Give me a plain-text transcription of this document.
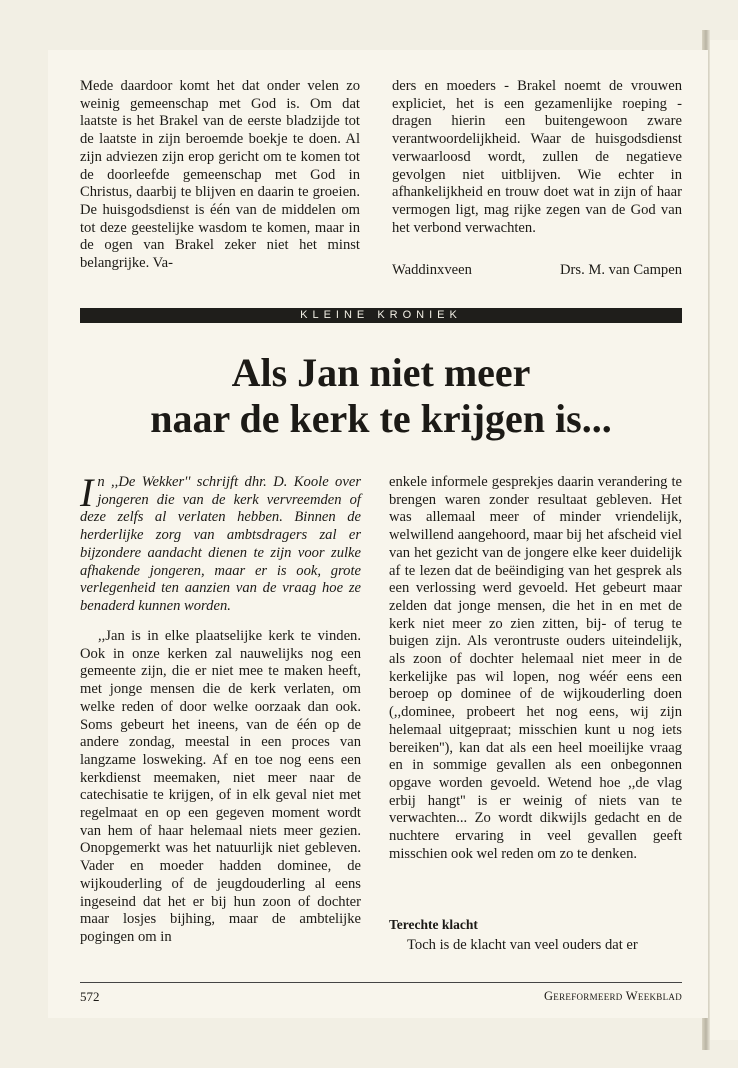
Mede daardoor komt het dat onder velen zo weinig gemeenschap met God is. Om dat laatste is het Brakel van de eerste bladzijde tot de laatste in zijn beroemde boekje te doen. Al zijn adviezen zijn erop gericht om te komen tot de doorleefde gemeenschap met God in Christus, daarbij te blijven en daarin te groeien. De huisgodsdienst is één van de middelen om tot deze geestelijke wasdom te komen, maar in de ogen van Brakel zeker niet het minst belangrijke. Va-

ders en moeders - Brakel noemt de vrouwen expliciet, het is een gezamenlijke roeping - dragen hierin een buitengewoon zware verantwoordelijkheid. Waar de huisgodsdienst verwaarloosd wordt, zullen de negatieve gevolgen niet uitblijven. Wie echter in afhankelijkheid en trouw doet wat in zijn of haar vermogen ligt, mag rijke zegen van de God van het verbond verwachten.

Waddinxveen	Drs. M. van Campen
KLEINE KRONIEK
Als Jan niet meer
naar de kerk te krijgen is...
I n ,,De Wekker'' schrijft dhr. D. Koole over jongeren die van de kerk vervreemden of deze zelfs al verlaten hebben. Binnen de herderlijke zorg van ambtsdragers zal er bijzondere aandacht dienen te zijn voor zulke afhakende jongeren, maar er is ook, grote verlegenheid ten aanzien van de vraag hoe ze benaderd kunnen worden.

,,Jan is in elke plaatselijke kerk te vinden. Ook in onze kerken zal nauwelijks nog een gemeente zijn, die er niet mee te maken heeft, met jonge mensen die de kerk verlaten, om welke reden of door welke oorzaak dan ook. Soms gebeurt het ineens, van de één op de andere zondag, meestal in een proces van langzame losweking. Af en toe nog eens een kerkdienst meemaken, niet meer naar de catechisatie te krijgen, of in elk geval niet met regelmaat en op een gegeven moment wordt van hem of haar helemaal niets meer gezien. Onopgemerkt was het natuurlijk niet gebleven. Vader en moeder hadden dominee, de wijkouderling of de jeugdouderling al eens ingeseind dat het er bij hun zoon of dochter maar losjes bijhing, maar de ambtelijke pogingen om in

enkele informele gesprekjes daarin verandering te brengen waren zonder resultaat gebleven. Het was allemaal meer of minder vriendelijk, welwillend aangehoord, maar bij het afscheid viel van het gezicht van de jongere elke keer duidelijk af te lezen dat de beëindiging van het gesprek als een verlossing werd gevoeld. Het gebeurt maar zelden dat jonge mensen, die het in en met de kerk niet meer zo zien zitten, bij- of terug te buigen zijn. Als verontruste ouders uiteindelijk, als zoon of dochter helemaal niet meer in de kerkelijke pas wil lopen, nog wéér eens een beroep op dominee of de wijkouderling doen (,,dominee, probeert het nog eens, wij zijn helemaal uitgepraat; misschien kunt u nog iets bereiken''), kan dat als een heel moeilijke vraag en in sommige gevallen als een onbegonnen opgave worden gevoeld. Wetend hoe ,,de vlag erbij hangt'' is er weinig of niets van te verwachten... Zo wordt dikwijls gedacht en de nuchtere ervaring in veel gevallen geeft misschien ook wel reden om zo te denken.

Terechte klacht
Toch is de klacht van veel ouders dat er
572	Gereformeerd Weekblad
